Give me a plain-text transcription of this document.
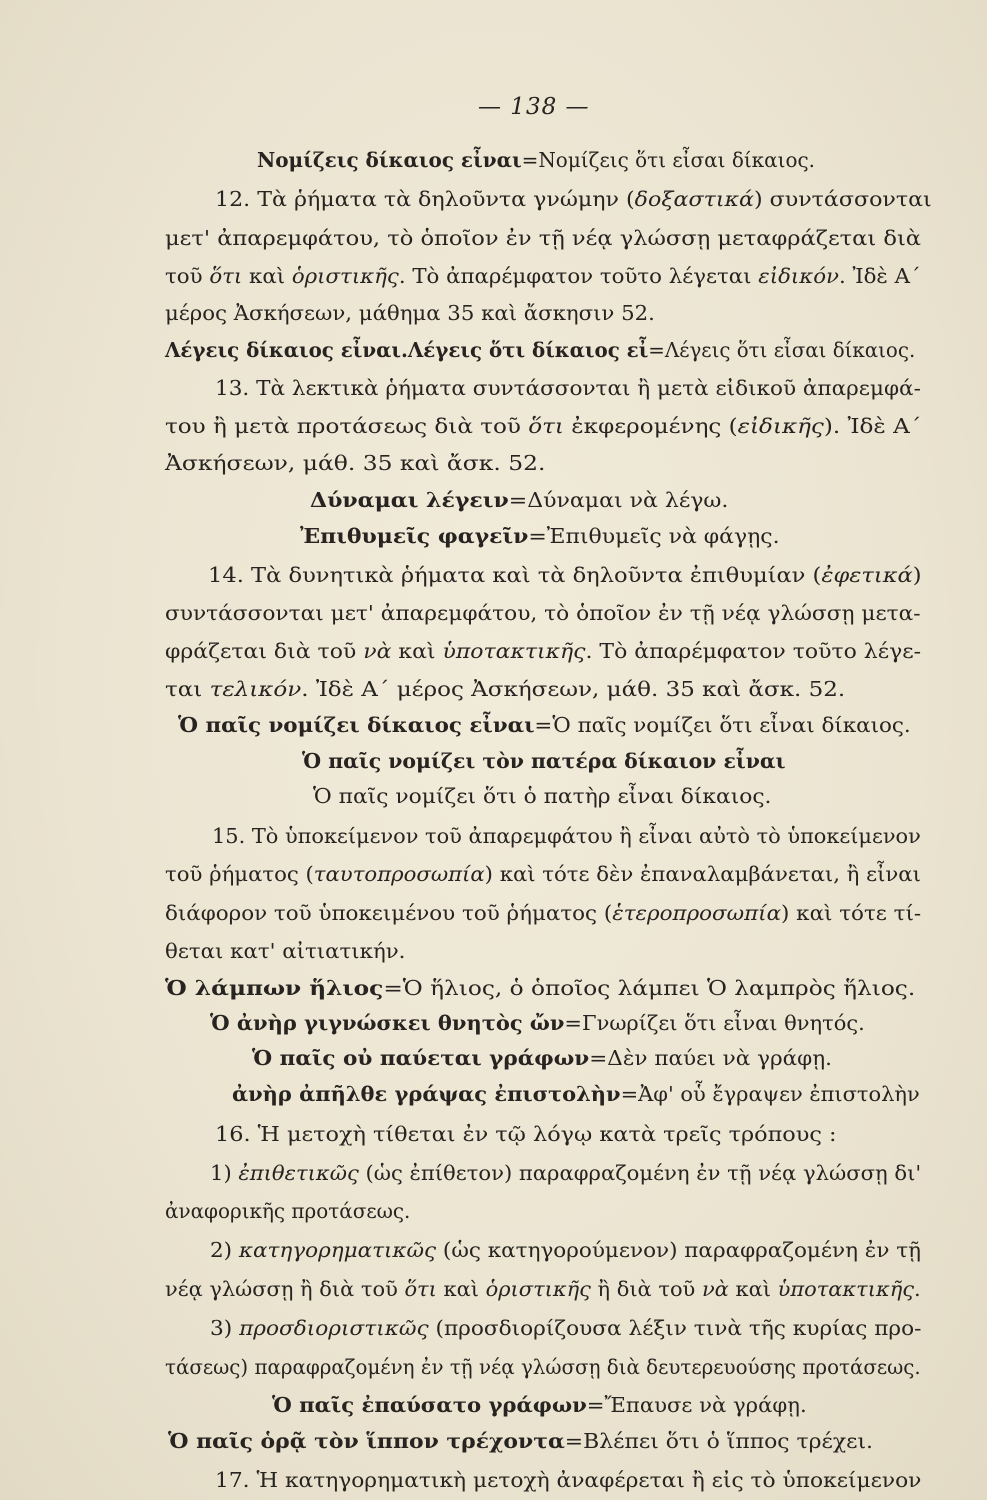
— 138 —
Νομίζεις δίκαιος εἶναι=Νομίζεις ὅτι εἶσαι δίκαιος.
12. Τὰ ῥήματα τὰ δηλοῦντα γνώμην (δοξαστικά) συντάσσονται
μετ' ἀπαρεμφάτου, τὸ ὁποῖον ἐν τῇ νέᾳ γλώσσῃ μεταφράζεται διὰ
τοῦ ὅτι καὶ ὁριστικῆς. Τὸ ἀπαρέμφατον τοῦτο λέγεται εἰδικόν. Ἰδὲ Α΄
μέρος Ἀσκήσεων, μάθημα 35 καὶ ἄσκησιν 52.
Λέγεις δίκαιος εἶναι.Λέγεις ὅτι δίκαιος εἶ=Λέγεις ὅτι εἶσαι δίκαιος.
13. Τὰ λεκτικὰ ῥήματα συντάσσονται ἢ μετὰ εἰδικοῦ ἀπαρεμφά-
του ἢ μετὰ προτάσεως διὰ τοῦ ὅτι ἐκφερομένης (εἰδικῆς). Ἰδὲ Α΄
Ἀσκήσεων, μάθ. 35 καὶ ἄσκ. 52.
Δύναμαι λέγειν=Δύναμαι νὰ λέγω.
Ἐπιθυμεῖς φαγεῖν=Ἐπιθυμεῖς νὰ φάγῃς.
14. Τὰ δυνητικὰ ῥήματα καὶ τὰ δηλοῦντα ἐπιθυμίαν (ἐφετικά)
συντάσσονται μετ' ἀπαρεμφάτου, τὸ ὁποῖον ἐν τῇ νέᾳ γλώσσῃ μετα-
φράζεται διὰ τοῦ νὰ καὶ ὑποτακτικῆς. Τὸ ἀπαρέμφατον τοῦτο λέγε-
ται τελικόν. Ἰδὲ Α΄ μέρος Ἀσκήσεων, μάθ. 35 καὶ ἄσκ. 52.
Ὁ παῖς νομίζει δίκαιος εἶναι=Ὁ παῖς νομίζει ὅτι εἶναι δίκαιος.
Ὁ παῖς νομίζει τὸν πατέρα δίκαιον εἶναι
Ὁ παῖς νομίζει ὅτι ὁ πατὴρ εἶναι δίκαιος.
15. Τὸ ὑποκείμενον τοῦ ἀπαρεμφάτου ἢ εἶναι αὐτὸ τὸ ὑποκείμενον
τοῦ ῥήματος (ταυτοπροσωπία) καὶ τότε δὲν ἐπαναλαμβάνεται, ἢ εἶναι
διάφορον τοῦ ὑποκειμένου τοῦ ῥήματος (ἑτεροπροσωπία) καὶ τότε τί-
θεται κατ' αἰτιατικήν.
Ὁ λάμπων ἥλιος=Ὁ ἥλιος, ὁ ὁποῖος λάμπει Ὁ λαμπρὸς ἥλιος.
Ὁ ἀνὴρ γιγνώσκει θνητὸς ὤν=Γνωρίζει ὅτι εἶναι θνητός.
Ὁ παῖς οὐ παύεται γράφων=Δὲν παύει νὰ γράφῃ.
ἀνὴρ ἀπῆλθε γράψας ἐπιστολὴν=Ἀφ' οὗ ἔγραψεν ἐπιστολὴν
16. Ἡ μετοχὴ τίθεται ἐν τῷ λόγῳ κατὰ τρεῖς τρόπους :
1) ἐπιθετικῶς (ὡς ἐπίθετον) παραφραζομένη ἐν τῇ νέᾳ γλώσσῃ δι'
ἀναφορικῆς προτάσεως.
2) κατηγορηματικῶς (ὡς κατηγορούμενον) παραφραζομένη ἐν τῇ
νέᾳ γλώσσῃ ἢ διὰ τοῦ ὅτι καὶ ὁριστικῆς ἢ διὰ τοῦ νὰ καὶ ὑποτακτικῆς.
3) προσδιοριστικῶς (προσδιορίζουσα λέξιν τινὰ τῆς κυρίας προ-
τάσεως) παραφραζομένη ἐν τῇ νέᾳ γλώσσῃ διὰ δευτερευούσης προτάσεως.
Ὁ παῖς ἐπαύσατο γράφων=Ἔπαυσε νὰ γράφῃ.
Ὁ παῖς ὁρᾷ τὸν ἵππον τρέχοντα=Βλέπει ὅτι ὁ ἵππος τρέχει.
17. Ἡ κατηγορηματικὴ μετοχὴ ἀναφέρεται ἢ εἰς τὸ ὑποκείμενον
